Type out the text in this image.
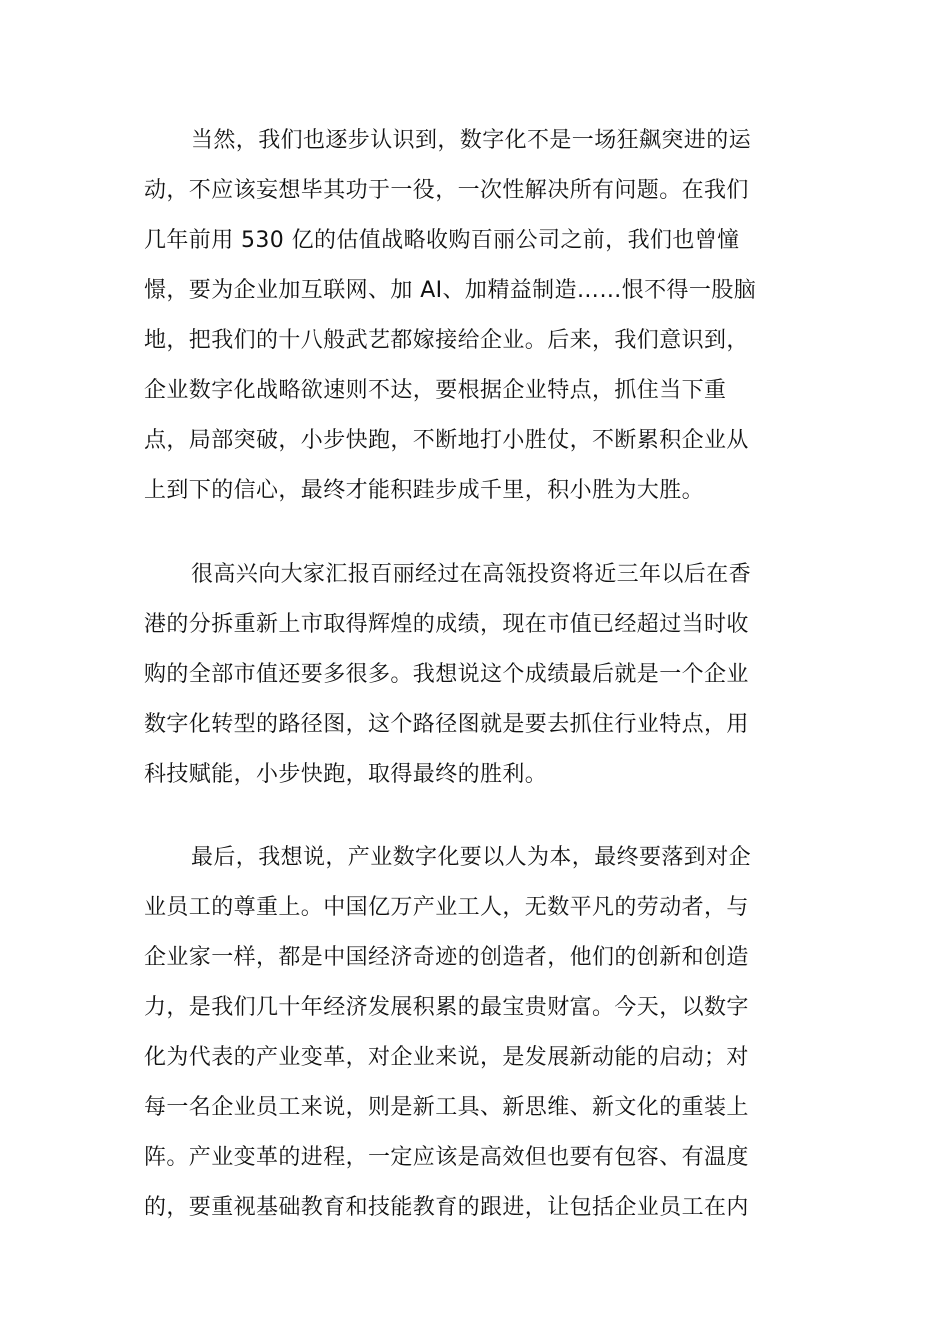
当然，我们也逐步认识到，数字化不是一场狂飙突进的运
动，不应该妄想毕其功于一役，一次性解决所有问题。在我们
几年前用 530 亿的估值战略收购百丽公司之前，我们也曾憧
憬，要为企业加互联网、加 AI、加精益制造……恨不得一股脑
地，把我们的十八般武艺都嫁接给企业。后来，我们意识到，
企业数字化战略欲速则不达，要根据企业特点，抓住当下重
点，局部突破，小步快跑，不断地打小胜仗，不断累积企业从
上到下的信心，最终才能积跬步成千里，积小胜为大胜。
很高兴向大家汇报百丽经过在高瓴投资将近三年以后在香
港的分拆重新上市取得辉煌的成绩，现在市值已经超过当时收
购的全部市值还要多很多。我想说这个成绩最后就是一个企业
数字化转型的路径图，这个路径图就是要去抓住行业特点，用
科技赋能，小步快跑，取得最终的胜利。
最后，我想说，产业数字化要以人为本，最终要落到对企
业员工的尊重上。中国亿万产业工人，无数平凡的劳动者，与
企业家一样，都是中国经济奇迹的创造者，他们的创新和创造
力，是我们几十年经济发展积累的最宝贵财富。今天，以数字
化为代表的产业变革，对企业来说，是发展新动能的启动；对
每一名企业员工来说，则是新工具、新思维、新文化的重装上
阵。产业变革的进程，一定应该是高效但也要有包容、有温度
的，要重视基础教育和技能教育的跟进，让包括企业员工在内
